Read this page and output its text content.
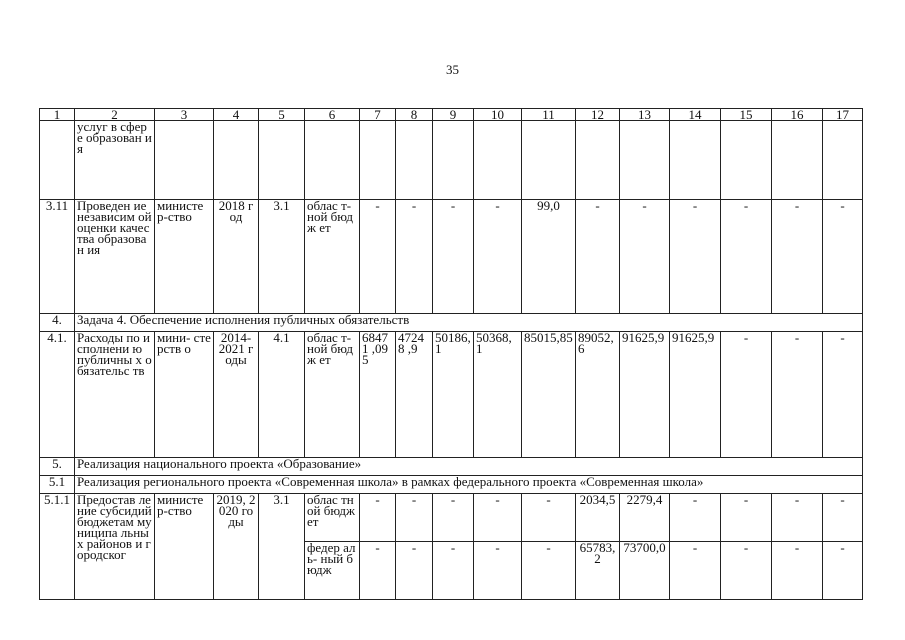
35
1	2	3	4	5	6	7	8	9	10	11	12	13	14	15	16	17
	услуг в сфере образован ия															
3.11	Проведен ие независим ой оценки качества образован ия	министе р-ство	2018 год	3.1	облас т-ной бюдж ет	-	-	-	-	99,0	-	-	-	-	-	-
4.	Задача 4. Обеспечение исполнения публичных обязательств															
4.1.	Расходы по исполнени ю публичны х обязательс тв	мини- стерств о	2014- 2021 годы	4.1	облас т-ной бюдж ет	68471 ,095	47248 ,9	50186, 1	50368, 1	85015,85	89052, 6	91625,9	91625,9	-	-	-
5.	Реализация национального проекта «Образование»															
5.1	Реализация регионального проекта «Современная школа» в рамках федерального проекта «Современная школа»															
5.1.1	Предостав ление субсидий бюджетам муниципа льных районов и городског	министе р-ство	2019, 2020 годы	3.1	облас тной бюдж ет	-	-	-	-	-	2034,5	2279,4	-	-	-	-
					федер аль- ный бюдж	-	-	-	-	-	65783, 2	73700,0	-	-	-	-
